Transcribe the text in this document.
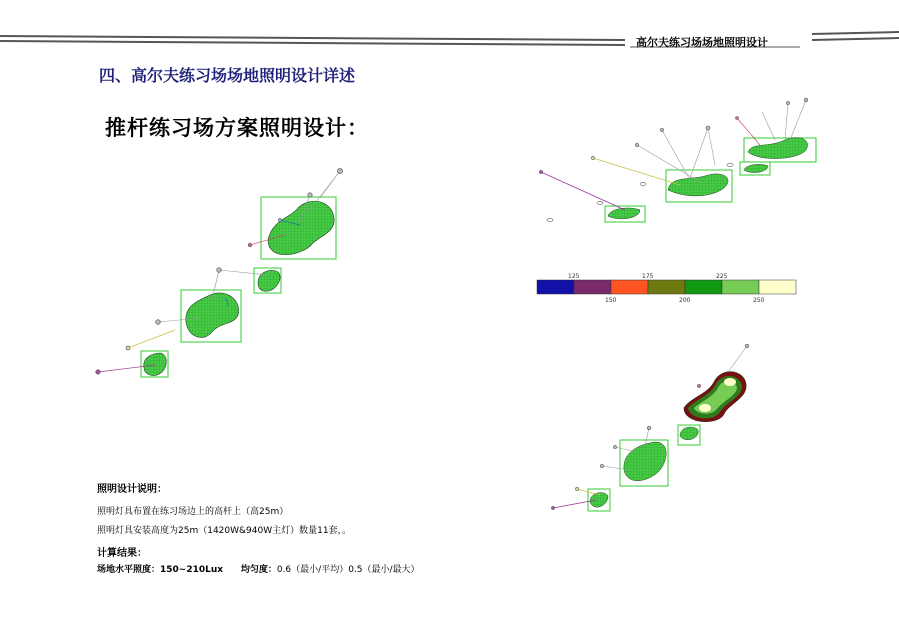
高尔夫练习场场地照明设计
四、高尔夫练习场场地照明设计详述
推杆练习场方案照明设计：
125	175	225
150	200	250
照明设计说明：
照明灯具布置在练习场边上的高杆上（高25m）
照明灯具安装高度为25m（1420W&940W主灯）数量11套，。
计算结果：
场地水平照度：150~210Lux 均匀度：0.6（最小/平均）0.5（最小/最大）
